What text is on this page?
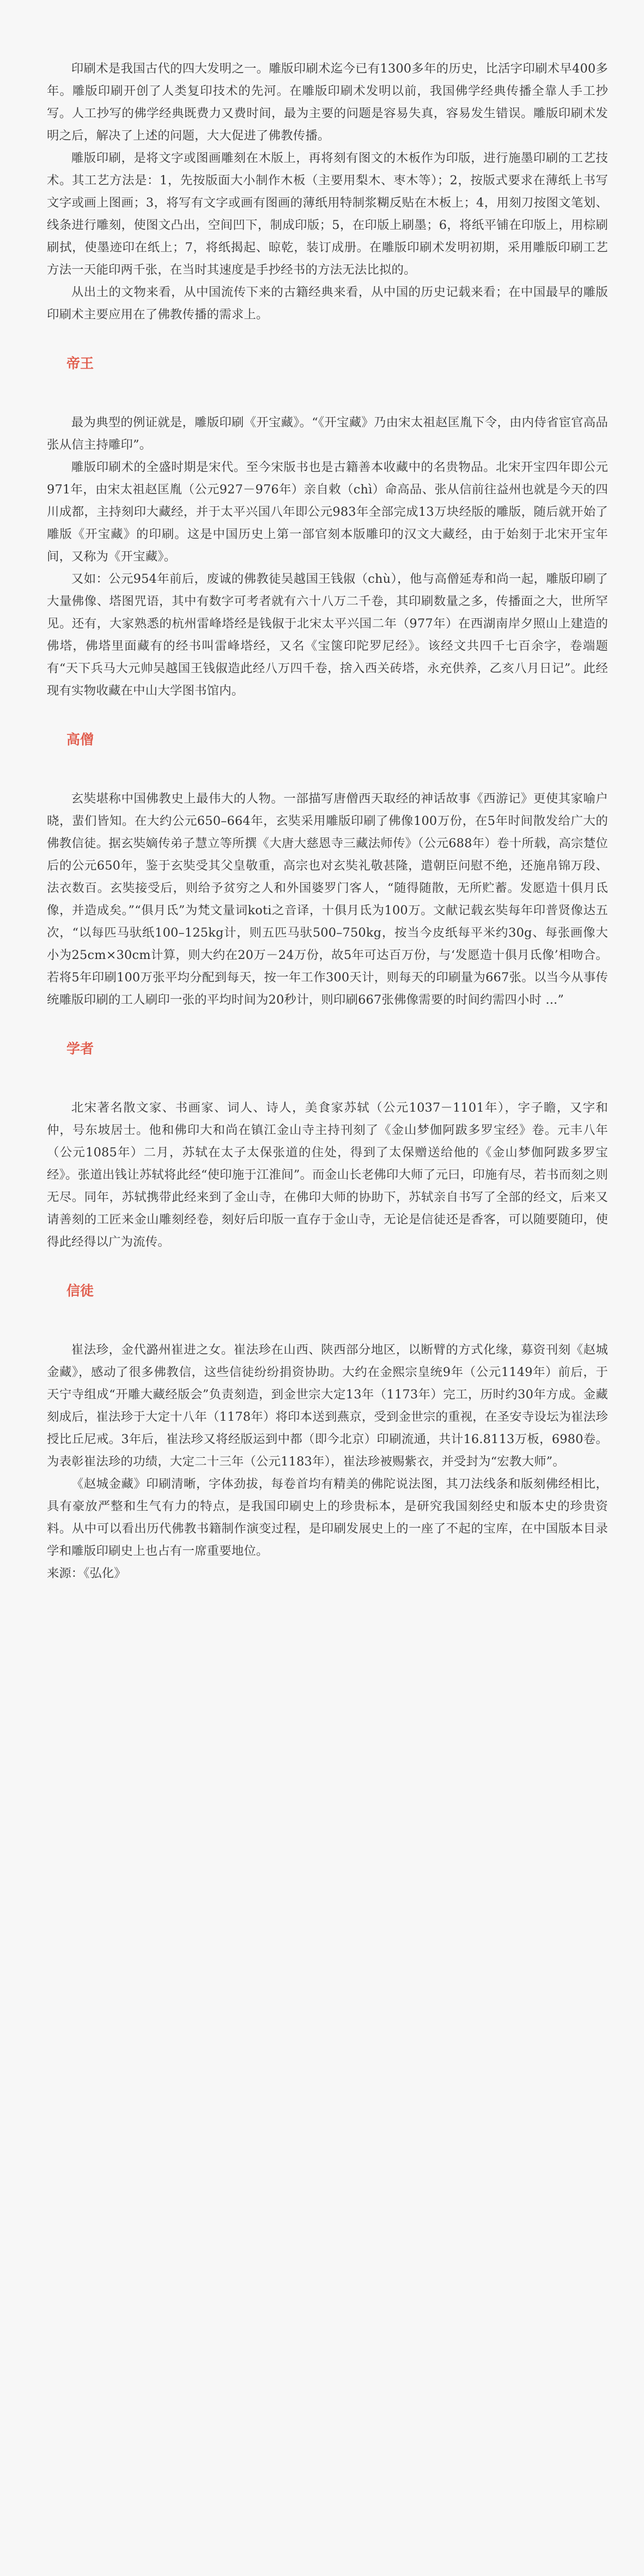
印刷术是我国古代的四大发明之一。雕版印刷术迄今已有1300多年的历史，比活字印刷术早400多年。雕版印刷开创了人类复印技术的先河。在雕版印刷术发明以前，我国佛学经典传播全靠人手工抄写。人工抄写的佛学经典既费力又费时间，最为主要的问题是容易失真，容易发生错误。雕版印刷术发明之后，解决了上述的问题，大大促进了佛教传播。

雕版印刷，是将文字或图画雕刻在木版上，再将刻有图文的木板作为印版，进行施墨印刷的工艺技术。其工艺方法是：1，先按版面大小制作木板（主要用梨木、枣木等）；2，按版式要求在薄纸上书写文字或画上图画；3，将写有文字或画有图画的薄纸用特制浆糊反贴在木板上；4，用刻刀按图文笔划、线条进行雕刻，使图文凸出，空间凹下，制成印版；5，在印版上刷墨；6，将纸平铺在印版上，用棕刷刷拭，使墨迹印在纸上；7，将纸揭起、晾乾，装订成册。在雕版印刷术发明初期，采用雕版印刷工艺方法一天能印两千张，在当时其速度是手抄经书的方法无法比拟的。

从出土的文物来看，从中国流传下来的古籍经典来看，从中国的历史记载来看；在中国最早的雕版印刷术主要应用在了佛教传播的需求上。

帝王

最为典型的例证就是，雕版印刷《开宝藏》。“《开宝藏》乃由宋太祖赵匡胤下令，由内侍省宦官高品张从信主持雕印”。

雕版印刷术的全盛时期是宋代。至今宋版书也是古籍善本收藏中的名贵物品。北宋开宝四年即公元971年，由宋太祖赵匡胤（公元927－976年）亲自敕（chì）命高品、张从信前往益州也就是今天的四川成都，主持刻印大藏经，并于太平兴国八年即公元983年全部完成13万块经版的雕版，随后就开始了雕版《开宝藏》的印刷。这是中国历史上第一部官刻本版雕印的汉文大藏经，由于始刻于北宋开宝年间，又称为《开宝藏》。

又如：公元954年前后，废诚的佛教徒吴越国王钱俶（chù），他与高僧延寿和尚一起，雕版印刷了大量佛像、塔图咒语，其中有数字可考者就有六十八万二千卷，其印刷数量之多，传播面之大，世所罕见。还有，大家熟悉的杭州雷峰塔经是钱俶于北宋太平兴国二年（977年）在西湖南岸夕照山上建造的佛塔，佛塔里面藏有的经书叫雷峰塔经，又名《宝箧印陀罗尼经》。该经文共四千七百余字，卷端题有“天下兵马大元帅吴越国王钱俶造此经八万四千卷，捨入西关砖塔，永充供养，乙亥八月日记”。此经现有实物收藏在中山大学图书馆内。

高僧

玄奘堪称中国佛教史上最伟大的人物。一部描写唐僧西天取经的神话故事《西游记》更使其家喻户晓，蜚们皆知。在大约公元650–664年，玄奘采用雕版印刷了佛像100万份，在5年时间散发给广大的佛教信徒。据玄奘嫡传弟子慧立等所撰《大唐大慈恩寺三藏法师传》（公元688年）卷十所载，高宗䠂位后的公元650年，鉴于玄奘受其父皇敬重，高宗也对玄奘礼敬甚隆，遣朝臣问慰不绝，还施帛锦万段、法衣数百。玄奘接受后，则给予贫穷之人和外国婆罗门客人，“随得随散，无所贮蓄。发愿造十俱月氐像，并造成矣。”“俱月氐”为梵文量词koti之音译，十俱月氐为100万。文献记载玄奘每年印普贤像达五次，“以每匹马驮纸100–125kg计，则五匹马驮500–750kg，按当今皮纸每平米约30g、每张画像大小为25cm×30cm计算，则大约在20万－24万份，故5年可达百万份，与‘发愿造十俱月氐像’相吻合。若将5年印刷100万张平均分配到每天，按一年工作300天计，则每天的印刷量为667张。以当今从事传统雕版印刷的工人刷印一张的平均时间为20秒计，则印刷667张佛像需要的时间约需四小时 ...”

学者

北宋著名散文家、书画家、词人、诗人，美食家苏轼（公元1037－1101年），字子瞻，又字和仲，号东坡居士。他和佛印大和尚在镇江金山寺主持刊刻了《金山梦伽阿跋多罗宝经》卷。元丰八年（公元1085年）二月，苏轼在太子太保张道的住处，得到了太保赠送给他的《金山梦伽阿跋多罗宝经》。张道出钱让苏轼将此经“使印施于江淮间”。而金山长老佛印大师了元曰，印施有尽，若书而刻之则无尽。同年，苏轼携带此经来到了金山寺，在佛印大师的协助下，苏轼亲自书写了全部的经文，后来又请善刻的工匠来金山雕刻经卷，刻好后印版一直存于金山寺，无论是信徒还是香客，可以随要随印，使得此经得以广为流传。

信徒

崔法珍，金代潞州崔进之女。崔法珍在山西、陕西部分地区，以断臂的方式化缘，募资刊刻《赵城金藏》，感动了很多佛教信，这些信徒纷纷捐资协助。大约在金熙宗皇统9年（公元1149年）前后，于天宁寺组成“开雕大藏经版会”负责刻造，到金世宗大定13年（1173年）完工，历时约30年方成。金藏刻成后，崔法珍于大定十八年（1178年）将印本送到燕京，受到金世宗的重视，在圣安寺设坛为崔法珍授比丘尼戒。3年后，崔法珍又将经版运到中都（即今北京）印刷流通，共计16.8113万板，6980卷。为表彰崔法珍的功绩，大定二十三年（公元1183年），崔法珍被赐紫衣，并受封为“宏教大师”。

《赵城金藏》印刷清晰，字体劲拔，每卷首均有精美的佛陀说法图，其刀法线条和版刻佛经相比，具有豪放严整和生气有力的特点，是我国印刷史上的珍贵标本，是研究我国刻经史和版本史的珍贵资料。从中可以看出历代佛教书籍制作演变过程，是印刷发展史上的一座了不起的宝库，在中国版本目录学和雕版印刷史上也占有一席重要地位。

来源：《弘化》
